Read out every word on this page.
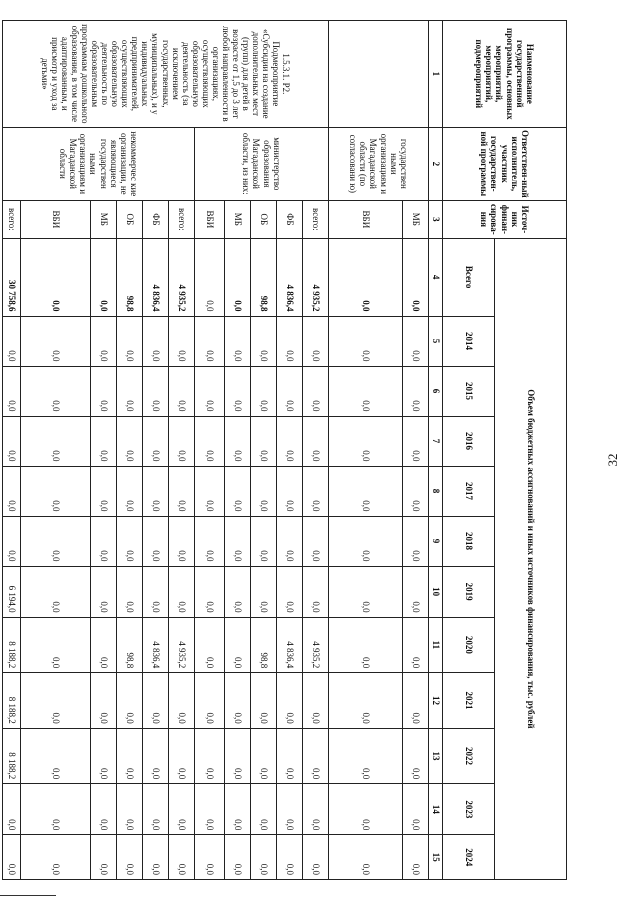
32
Наименование государственной программы, основных мероприятий, мероприятий, подмероприятий	Ответствен-ный исполнитель, участник государствен-ной программы	Источ-ник финан-сирова-ния	Объем бюджетных ассигнований и иных источников финансирования, тыс. рублей											
			Всего	2014	2015	2016	2017	2018	2019	2020	2021	2022	2023	2024
1	2	3	4	5	6	7	8	9	10	11	12	13	14	15
	государствен ными организациям и Магаданской области (по согласовани ю)	МБ	0,0	0,0	0,0	0,0	0,0	0,0	0,0	0,0	0,0	0,0	0,0	0,0
		ВБИ	0,0	0,0	0,0	0,0	0,0	0,0	0,0	0,0	0,0	0,0	0,0	0,0
1.5.3.1. Р2. Подмероприятие «Субсидии на создание дополнительных мест (групп) для детей в возрасте от 1,5 до 3 лет любой направленности в организациях, осуществляющих образовательную деятельность (за исключением государственных, муниципальных), и у индивидуальных предпринимателей, осуществляющих образовательную деятельность по образовательным программам дошкольного образования, в том числе адаптированным, и присмотр и уход за детьми»	министерство образования Магаданской области, из них:	всего:	4 935,2	0,0	0,0	0,0	0,0	0,0	0,0	4 935,2	0,0	0,0	0,0	0,0
		ФБ	4 836,4	0,0	0,0	0,0	0,0	0,0	0,0	4 836,4	0,0	0,0	0,0	0,0
		ОБ	98,8	0,0	0,0	0,0	0,0	0,0	0,0	98,8	0,0	0,0	0,0	0,0
		МБ	0,0	0,0	0,0	0,0	0,0	0,0	0,0	0,0	0,0	0,0	0,0	0,0
		ВБИ	0,0	0,0	0,0	0,0	0,0	0,0	0,0	0,0	0,0	0,0	0,0	0,0
	некоммерчес кие организации, не являющиеся государствен ными организациям и Магаданской области	всего:	4 935,2	0,0	0,0	0,0	0,0	0,0	0,0	4 935,2	0,0	0,0	0,0	0,0
		ФБ	4 836,4	0,0	0,0	0,0	0,0	0,0	0,0	4 836,4	0,0	0,0	0,0	0,0
		ОБ	98,8	0,0	0,0	0,0	0,0	0,0	0,0	98,8	0,0	0,0	0,0	0,0
		МБ	0,0	0,0	0,0	0,0	0,0	0,0	0,0	0,0	0,0	0,0	0,0	0,0
		ВБИ	0,0	0,0	0,0	0,0	0,0	0,0	0,0	0,0	0,0	0,0	0,0	0,0
		всего:	30 758,6	0,0	0,0	0,0	0,0	0,0	6 194,0	8 188,2	8 188,2	8 188,2	0,0	0,0
